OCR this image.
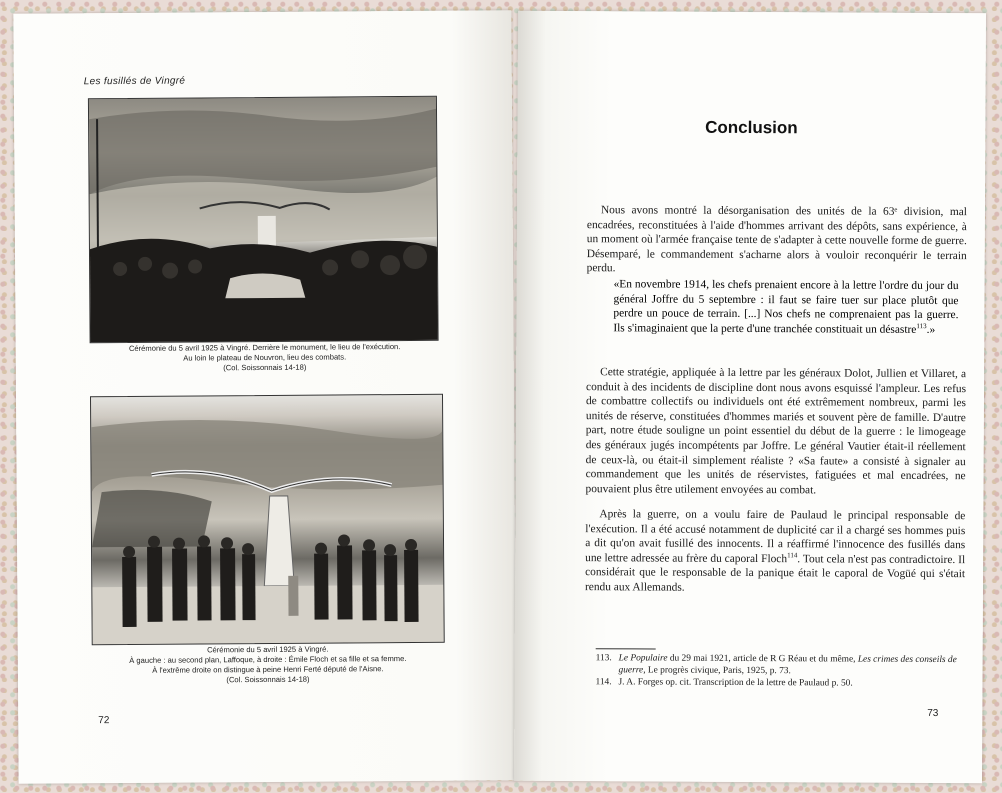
Les fusillés de Vingré
Cérémonie du 5 avril 1925 à Vingré. Derrière le monument, le lieu de l'exécution.
Au loin le plateau de Nouvron, lieu des combats.
(Col. Soissonnais 14-18)
Cérémonie du 5 avril 1925 à Vingré.
À gauche : au second plan, Laffoque, à droite : Émile Floch et sa fille et sa femme.
À l'extrême droite on distingue à peine Henri Ferté député de l'Aisne.
(Col. Soissonnais 14-18)
72
Conclusion
Nous avons montré la désorganisation des unités de la 63ᵉ division, mal encadrées, reconstituées à l'aide d'hommes arrivant des dépôts, sans expérience, à un moment où l'armée française tente de s'adapter à cette nouvelle forme de guerre. Désemparé, le commandement s'acharne alors à vouloir reconquérir le terrain perdu.
«En novembre 1914, les chefs prenaient encore à la lettre l'ordre du jour du général Joffre du 5 septembre : il faut se faire tuer sur place plutôt que perdre un pouce de terrain. [...] Nos chefs ne comprenaient pas la guerre. Ils s'imaginaient que la perte d'une tranchée constituait un désastre$^{113}$.»
Cette stratégie, appliquée à la lettre par les généraux Dolot, Jullien et Villaret, a conduit à des incidents de discipline dont nous avons esquissé l'ampleur. Les refus de combattre collectifs ou individuels ont été extrêmement nombreux, parmi les unités de réserve, constituées d'hommes mariés et souvent père de famille. D'autre part, notre étude souligne un point essentiel du début de la guerre : le limogeage des généraux jugés incompétents par Joffre. Le général Vautier était-il réellement de ceux-là, ou était-il simplement réaliste ? «Sa faute» a consisté à signaler au commandement que les unités de réservistes, fatiguées et mal encadrées, ne pouvaient plus être utilement envoyées au combat.
Après la guerre, on a voulu faire de Paulaud le principal responsable de l'exécution. Il a été accusé notamment de duplicité car il a chargé ses hommes puis a dit qu'on avait fusillé des innocents. Il a réaffirmé l'innocence des fusillés dans une lettre adressée au frère du caporal Floch$^{114}$. Tout cela n'est pas contradictoire. Il considérait que le responsable de la panique était le caporal de Vogüé qui s'était rendu aux Allemands.
113. Le Populaire du 29 mai 1921, article de R G Réau et du même, Les crimes des conseils de guerre, Le progrès civique, Paris, 1925, p. 73.
114. J. A. Forges op. cit. Transcription de la lettre de Paulaud p. 50.
73
